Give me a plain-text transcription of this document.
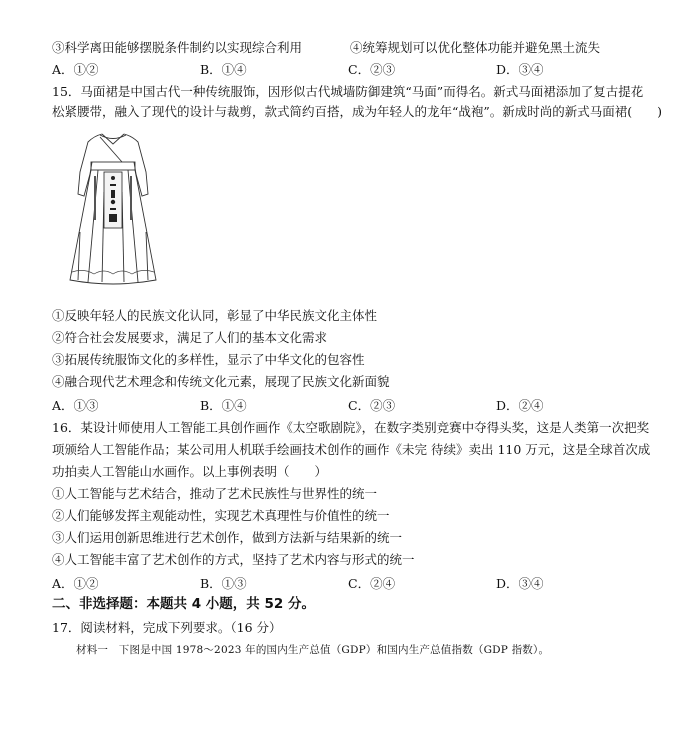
③科学离田能够摆脱条件制约以实现综合利用	④统筹规划可以优化整体功能并避免黑土流失
A．①②	B．①④	C．②③	D．③④
15．马面裙是中国古代一种传统服饰，因形似古代城墙防御建筑“马面”而得名。新式马面裙添加了复古提花
松紧腰带，融入了现代的设计与裁剪，款式简约百搭，成为年轻人的龙年“战袍”。新成时尚的新式马面裙(　　)
①反映年轻人的民族文化认同，彰显了中华民族文化主体性
②符合社会发展要求，满足了人们的基本文化需求
③拓展传统服饰文化的多样性，显示了中华文化的包容性
④融合现代艺术理念和传统文化元素，展现了民族文化新面貌
A．①③	B．①④	C．②③	D．②④
16．某设计师使用人工智能工具创作画作《太空歌剧院》，在数字类别竞赛中夺得头奖，这是人类第一次把奖
项颁给人工智能作品；某公司用人机联手绘画技术创作的画作《未完 待续》卖出 110 万元，这是全球首次成
功拍卖人工智能山水画作。以上事例表明（　　）
①人工智能与艺术结合，推动了艺术民族性与世界性的统一
②人们能够发挥主观能动性，实现艺术真理性与价值性的统一
③人们运用创新思维进行艺术创作，做到方法新与结果新的统一
④人工智能丰富了艺术创作的方式，坚持了艺术内容与形式的统一
A．①②	B．①③	C．②④	D．③④
二、非选择题：本题共 4 小题，共 52 分。
17．阅读材料，完成下列要求。（16 分）
材料一　下图是中国 1978～2023 年的国内生产总值（GDP）和国内生产总值指数（GDP 指数）。
